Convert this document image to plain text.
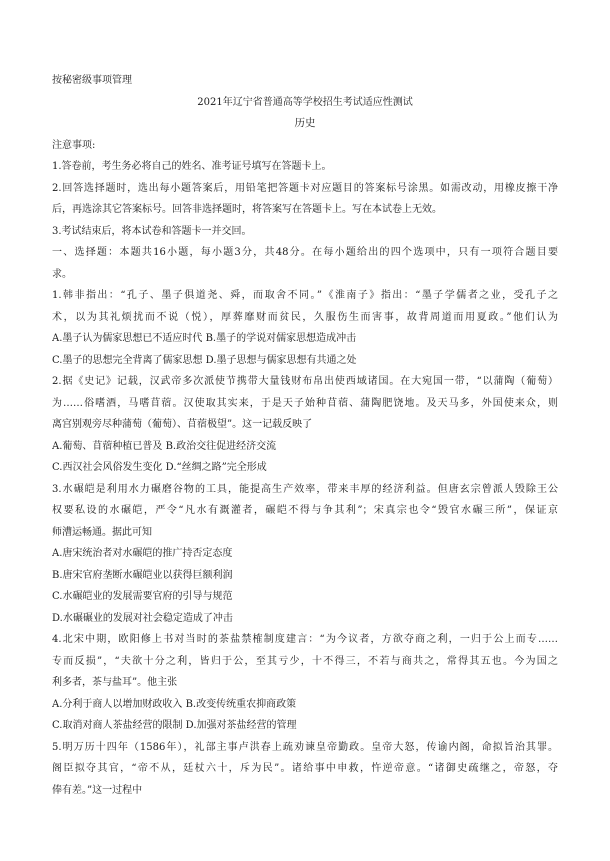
按秘密级事项管理
2021年辽宁省普通高等学校招生考试适应性测试
历史
注意事项:
1.答卷前，考生务必将自己的姓名、准考证号填写在答题卡上。
2.回答选择题时，选出每小题答案后，用铅笔把答题卡对应题目的答案标号涂黑。如需改动，用橡皮擦干净
后，再选涂其它答案标号。回答非选择题时，将答案写在答题卡上。写在本试卷上无效。
3.考试结束后，将本试卷和答题卡一并交回。
一、选择题：本题共16小题，每小题3分，共48分。在每小题给出的四个选项中，只有一项符合题目要
求。
1.韩非指出：“孔子、墨子俱道尧、舜，而取舍不同。”《淮南子》指出：“墨子学儒者之业，受孔子之
术，以为其礼烦扰而不说（悦），厚葬靡财而贫民，久服伤生而害事，故背周道而用夏政。”他们认为
A.墨子认为儒家思想已不适应时代 B.墨子的学说对儒家思想造成冲击
C.墨子的思想完全背离了儒家思想 D.墨子思想与儒家思想有共通之处
2.据《史记》记载，汉武帝多次派使节携带大量钱财布帛出使西域诸国。在大宛国一带，“以蒲陶（葡萄）
为……俗嗜酒，马嗜苜蓿。汉使取其实来，于是天子始种苜蓿、蒲陶肥饶地。及天马多，外国使来众，则
离宫别观旁尽种蒲萄（葡萄）、苜蓿极望”。这一记载反映了
A.葡萄、苜蓿种植已普及 B.政治交往促进经济交流
C.西汉社会风俗发生变化 D.“丝绸之路”完全形成
3.水碾皑是利用水力碾磨谷物的工具，能提高生产效率，带来丰厚的经济利益。但唐玄宗曾派人毁除王公
权要私设的水碾皑，严令“凡水有溉灌者，碾皑不得与争其利”；宋真宗也令“毁官水碾三所”，保证京
师漕运畅通。据此可知
A.唐宋统治者对水碾皑的推广持否定态度
B.唐宋官府垄断水碾皑业以获得巨额利润
C.水碾皑业的发展需要官府的引导与规范
D.水碾碾业的发展对社会稳定造成了冲击
4.北宋中期，欧阳修上书对当时的茶盐禁榷制度建言：“为今议者，方欲夺商之利，一归于公上而专……
专而反损”，“夫欲十分之利，皆归于公，至其亏少，十不得三，不若与商共之，常得其五也。今为国之
利多者，茶与盐耳”。他主张
A.分利于商人以增加财政收入 B.改变传统重农抑商政策
C.取消对商人茶盐经营的限制 D.加强对茶盐经营的管理
5.明万历十四年（1586年），礼部主事卢洪春上疏劝谏皇帝勤政。皇帝大怒，传谕内阁，命拟旨治其罪。
阁臣拟夺其官，“帝不从，廷杖六十，斥为民”。诸给事中申救，忤逆帝意。“诸御史疏继之，帝怒，夺
俸有差。”这一过程中
